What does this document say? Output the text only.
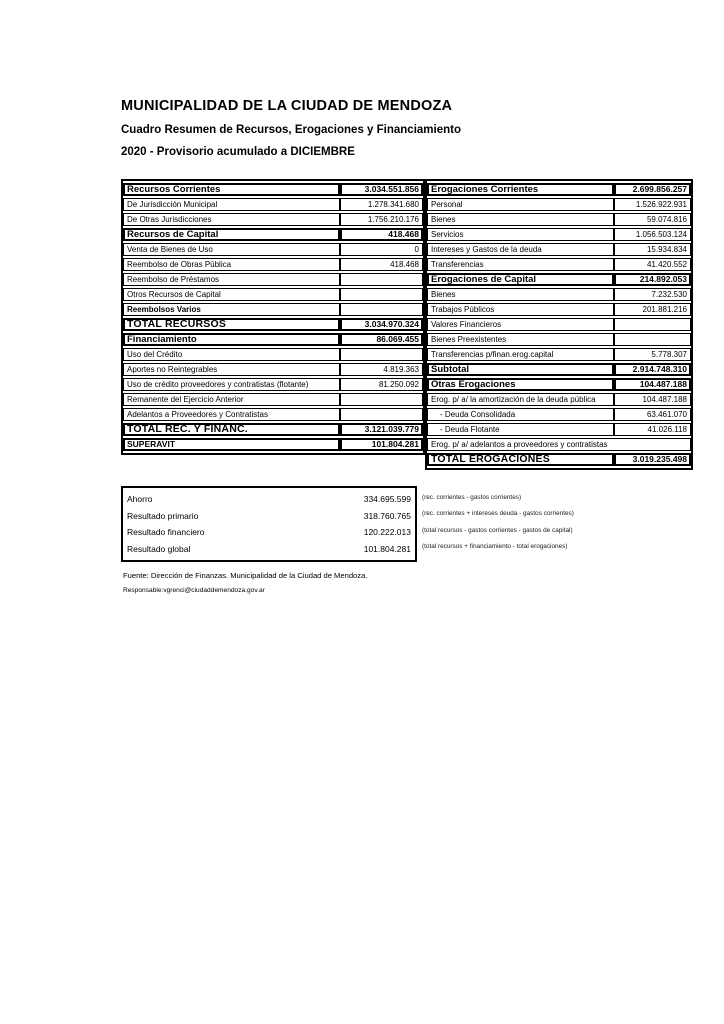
MUNICIPALIDAD DE LA CIUDAD DE MENDOZA
Cuadro Resumen de Recursos, Erogaciones y Financiamiento
2020 - Provisorio acumulado a DICIEMBRE
Recursos Corrientes	3.034.551.856
De Jurisdicción Municipal	1.278.341.680
De Otras Jurisdicciones	1.756.210.176
Recursos de Capital	418.468
Venta de Bienes de Uso	0
Reembolso de Obras Pública	418.468
Reembolso de Préstamos	
Otros Recursos de Capital	
Reembolsos Varios	
TOTAL RECURSOS	3.034.970.324
Financiamiento	86.069.455
Uso del Crédito	
Aportes no Reintegrables	4.819.363
Uso de crédito proveedores y contratistas (flotante)	81.250.092
Remanente del Ejercicio Anterior	
Adelantos a Proveedores y Contratistas	
TOTAL REC. Y FINANC.	3.121.039.779
SUPERAVIT	101.804.281
Erogaciones Corrientes	2.699.856.257
Personal	1.526.922.931
Bienes	59.074.816
Servicios	1.056.503.124
Intereses y Gastos de la deuda	15.934.834
Transferencias	41.420.552
Erogaciones de Capital	214.892.053
Bienes	7.232.530
Trabajos Públicos	201.881.216
Valores Financieros	
Bienes Preexistentes	
Transferencias p/finan.erog.capital	5.778.307
Subtotal	2.914.748.310
Otras Erogaciones	104.487.188
Erog. p/ a/ la amortización de la deuda pública	104.487.188
- Deuda Consolidada	63.461.070
- Deuda Flotante	41.026.118
Erog. p/ a/ adelantos a proveedores y contratistas	
TOTAL EROGACIONES	3.019.235.498
Ahorro	334.695.599
Resultado primario	318.760.765
Resultado financiero	120.222.013
Resultado global	101.804.281
(rec. corrientes - gastos corrientes)
(rec. corrientes + intereses deuda - gastos corrientes)
(total recursos - gastos corrientes - gastos de capital)
(total recursos + financiamiento - total erogaciones)
Fuente: Dirección de Finanzas. Municipalidad de la Ciudad de Mendoza.
Responsable:vgrenci@ciudaddemendoza.gov.ar
